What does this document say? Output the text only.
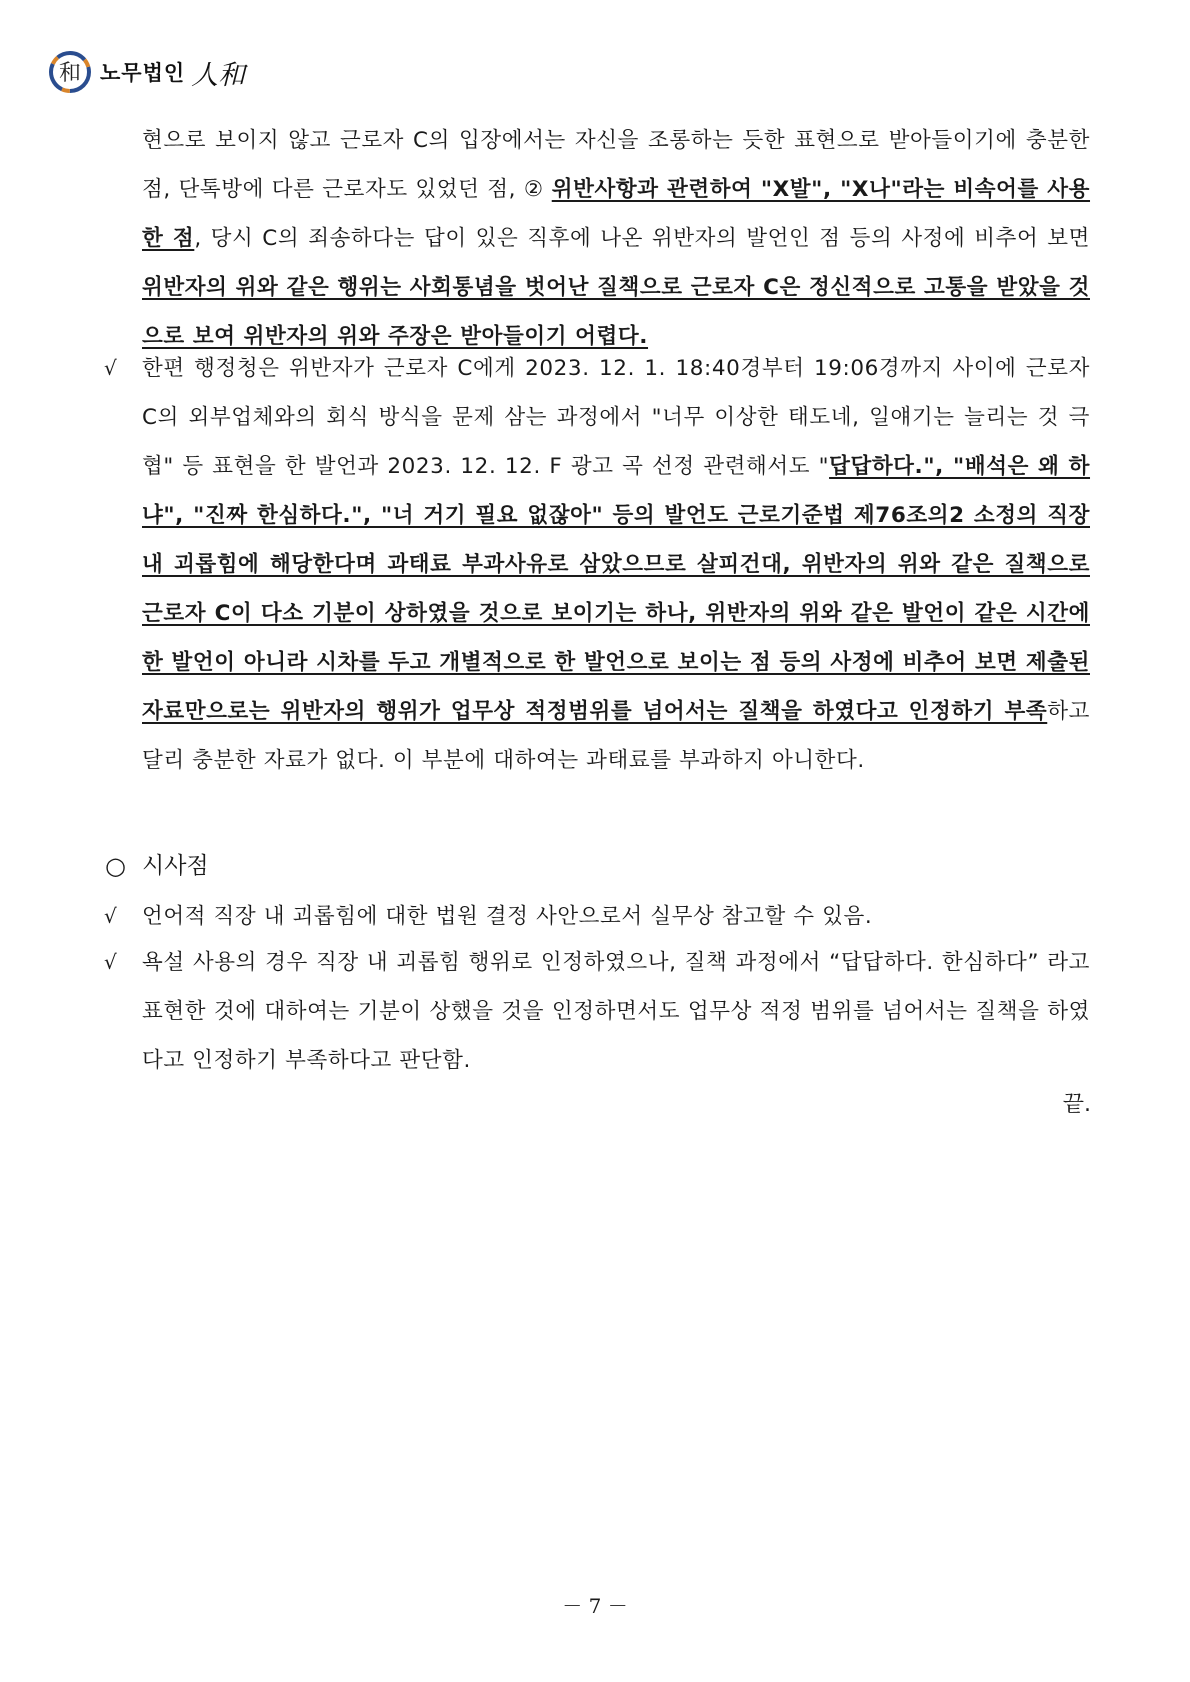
和 노무법인 人和

현으로 보이지 않고 근로자 C의 입장에서는 자신을 조롱하는 듯한 표현으로 받아들이기에 충분한 점, 단톡방에 다른 근로자도 있었던 점, ② 위반사항과 관련하여 "X발", "X나"라는 비속어를 사용한 점, 당시 C의 죄송하다는 답이 있은 직후에 나온 위반자의 발언인 점 등의 사정에 비추어 보면 위반자의 위와 같은 행위는 사회통념을 벗어난 질책으로 근로자 C은 정신적으로 고통을 받았을 것으로 보여 위반자의 위와 주장은 받아들이기 어렵다.

√ 한편 행정청은 위반자가 근로자 C에게 2023. 12. 1. 18:40경부터 19:06경까지 사이에 근로자 C의 외부업체와의 회식 방식을 문제 삼는 과정에서 "너무 이상한 태도네, 일얘기는 늘리는 것 극협" 등 표현을 한 발언과 2023. 12. 12. F 광고 곡 선정 관련해서도 "답답하다.", "배석은 왜 하냐", "진짜 한심하다.", "너 거기 필요 없잖아" 등의 발언도 근로기준법 제76조의2 소정의 직장 내 괴롭힘에 해당한다며 과태료 부과사유로 삼았으므로 살피건대, 위반자의 위와 같은 질책으로 근로자 C이 다소 기분이 상하였을 것으로 보이기는 하나, 위반자의 위와 같은 발언이 같은 시간에 한 발언이 아니라 시차를 두고 개별적으로 한 발언으로 보이는 점 등의 사정에 비추어 보면 제출된 자료만으로는 위반자의 행위가 업무상 적정범위를 넘어서는 질책을 하였다고 인정하기 부족하고 달리 충분한 자료가 없다. 이 부분에 대하여는 과태료를 부과하지 아니한다.

○ 시사점
√ 언어적 직장 내 괴롭힘에 대한 법원 결정 사안으로서 실무상 참고할 수 있음.

√ 욕설 사용의 경우 직장 내 괴롭힘 행위로 인정하였으나, 질책 과정에서 “답답하다. 한심하다” 라고 표현한 것에 대하여는 기분이 상했을 것을 인정하면서도 업무상 적정 범위를 넘어서는 질책을 하였다고 인정하기 부족하다고 판단함.

끝.
－ 7 －
